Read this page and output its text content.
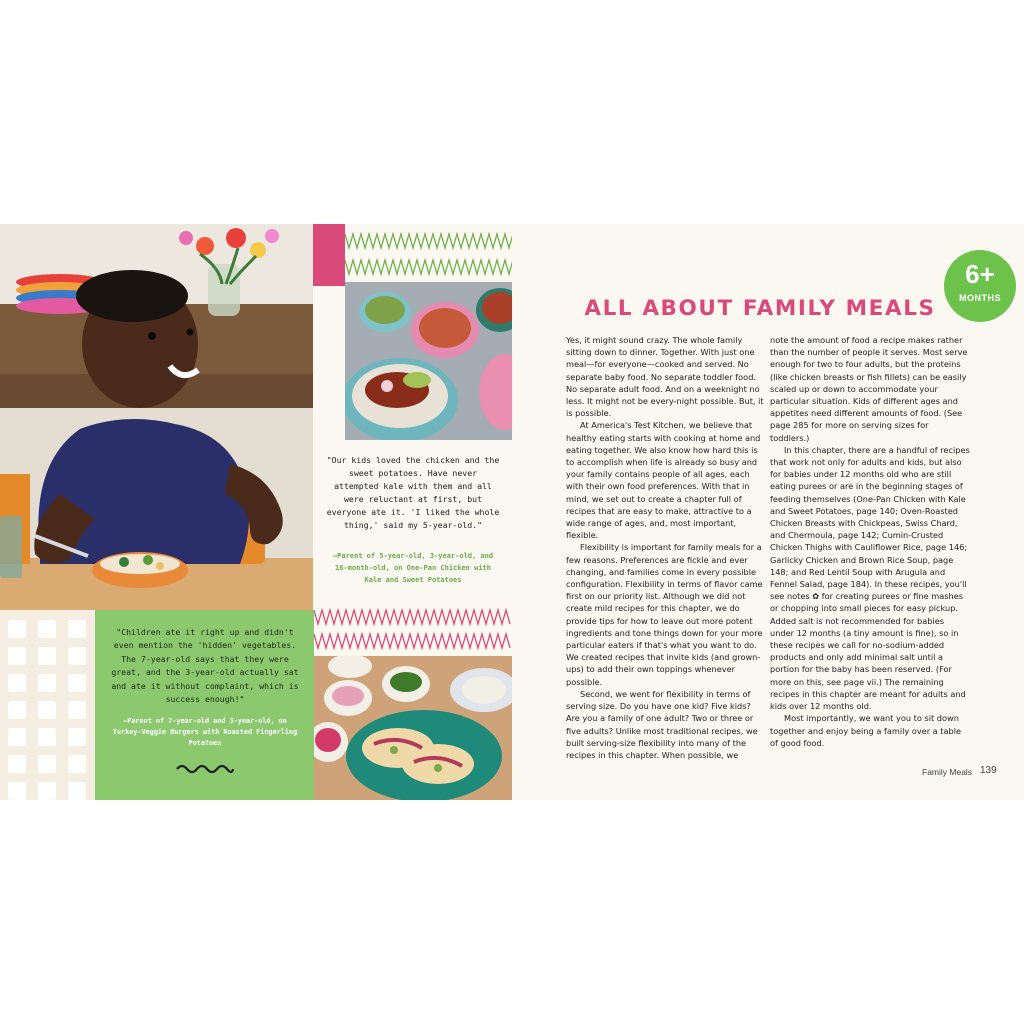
"Our kids loved the chicken and the sweet potatoes. Have never attempted kale with them and all were reluctant at first, but everyone ate it. 'I liked the whole thing,' said my 5-year-old."
—Parent of 5-year-old, 3-year-old, and 16-month-old, on One-Pan Chicken with Kale and Sweet Potatoes
"Children ate it right up and didn't even mention the 'hidden' vegetables. The 7-year-old says that they were great, and the 3-year-old actually sat and ate it without complaint, which is success enough!"
—Parent of 7-year-old and 3-year-old, on Turkey-Veggie Burgers with Roasted Fingerling Potatoes
6+
MONTHS
ALL ABOUT FAMILY MEALS

Yes, it might sound crazy. The whole family sitting down to dinner. Together. With just one meal—for everyone—cooked and served. No separate baby food. No separate toddler food. No separate adult food. And on a weeknight no less. It might not be every-night possible. But, it is possible.

At America's Test Kitchen, we believe that healthy eating starts with cooking at home and eating together. We also know how hard this is to accomplish when life is already so busy and your family contains people of all ages, each with their own food preferences. With that in mind, we set out to create a chapter full of recipes that are easy to make, attractive to a wide range of ages, and, most important, flexible.

Flexibility is important for family meals for a few reasons. Preferences are fickle and ever changing, and families come in every possible configuration. Flexibility in terms of flavor came first on our priority list. Although we did not create mild recipes for this chapter, we do provide tips for how to leave out more potent ingredients and tone things down for your more particular eaters if that's what you want to do. We created recipes that invite kids (and grown-ups) to add their own toppings whenever possible.

Second, we went for flexibility in terms of serving size. Do you have one kid? Five kids? Are you a family of one adult? Two or three or five adults? Unlike most traditional recipes, we built serving-size flexibility into many of the recipes in this chapter. When possible, we

note the amount of food a recipe makes rather than the number of people it serves. Most serve enough for two to four adults, but the proteins (like chicken breasts or fish fillets) can be easily scaled up or down to accommodate your particular situation. Kids of different ages and appetites need different amounts of food. (See page 285 for more on serving sizes for toddlers.)

In this chapter, there are a handful of recipes that work not only for adults and kids, but also for babies under 12 months old who are still eating purees or are in the beginning stages of feeding themselves (One-Pan Chicken with Kale and Sweet Potatoes, page 140; Oven-Roasted Chicken Breasts with Chickpeas, Swiss Chard, and Chermoula, page 142; Cumin-Crusted Chicken Thighs with Cauliflower Rice, page 146; Garlicky Chicken and Brown Rice Soup, page 148; and Red Lentil Soup with Arugula and Fennel Salad, page 184). In these recipes, you'll see notes ✿ for creating purees or fine mashes or chopping into small pieces for easy pickup. Added salt is not recommended for babies under 12 months (a tiny amount is fine), so in these recipes we call for no-sodium-added products and only add minimal salt until a portion for the baby has been reserved. (For more on this, see page vii.) The remaining recipes in this chapter are meant for adults and kids over 12 months old.

Most importantly, we want you to sit down together and enjoy being a family over a table of good food.

Family Meals 139
